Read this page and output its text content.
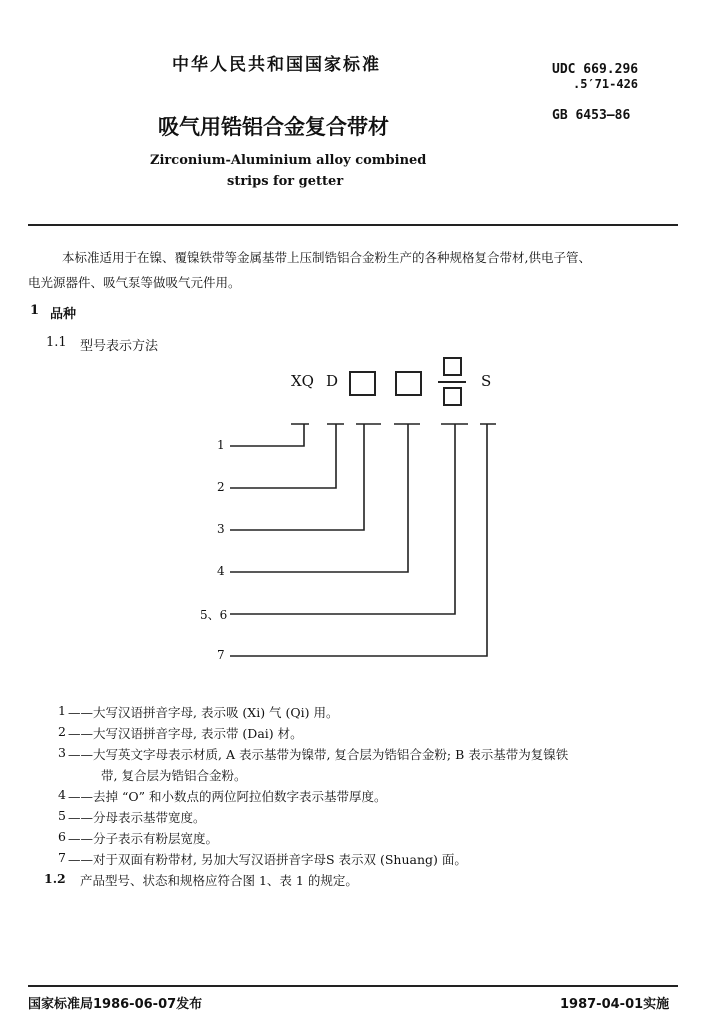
中华人民共和国国家标准	UDC 669.296
.5′71-426
GB 6453—86
吸气用锆铝合金复合带材
Zirconium-Aluminium alloy combined
strips for getter
本标准适用于在镍、覆镍铁带等金属基带上压制锆铝合金粉生产的各种规格复合带材,供电子管、
电光源器件、吸气泵等做吸气元件用。
1 品种
1.1 型号表示方法
XQ D	S
1
2
3
4
5、6
7
1 ——大写汉语拼音字母, 表示吸 (Xi) 气 (Qi) 用。
2 ——大写汉语拼音字母, 表示带 (Dai) 材。
3 ——大写英文字母表示材质, A 表示基带为镍带, 复合层为锆铝合金粉; B 表示基带为复镍铁
带, 复合层为锆铝合金粉。
4 ——去掉 “O” 和小数点的两位阿拉伯数字表示基带厚度。
5 ——分母表示基带宽度。
6 ——分子表示有粉层宽度。
7 ——对于双面有粉带材, 另加大写汉语拼音字母S 表示双 (Shuang) 面。
1.2 产品型号、状态和规格应符合图 1、表 1 的规定。
国家标准局1986-06-07发布	1987-04-01实施
